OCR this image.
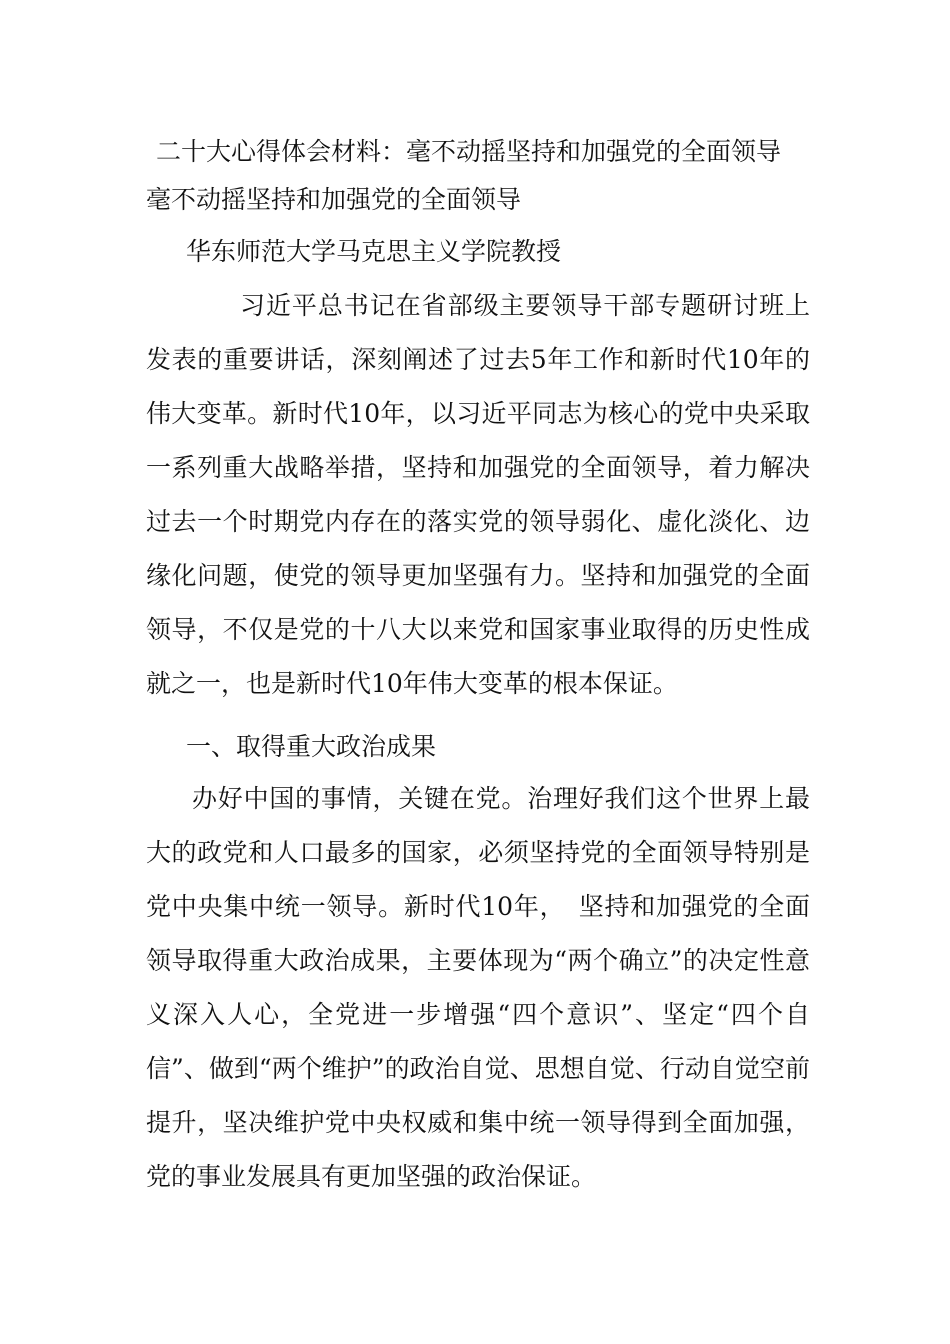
二十大心得体会材料：毫不动摇坚持和加强党的全面领导
毫不动摇坚持和加强党的全面领导
华东师范大学马克思主义学院教授

习近平总书记在省部级主要领导干部专题研讨班上发表的重要讲话，深刻阐述了过去5年工作和新时代10年的伟大变革。新时代10年，以习近平同志为核心的党中央采取一系列重大战略举措，坚持和加强党的全面领导，着力解决过去一个时期党内存在的落实党的领导弱化、虚化淡化、边缘化问题，使党的领导更加坚强有力。坚持和加强党的全面领导，不仅是党的十八大以来党和国家事业取得的历史性成就之一，也是新时代10年伟大变革的根本保证。

一、取得重大政治成果

办好中国的事情，关键在党。治理好我们这个世界上最大的政党和人口最多的国家，必须坚持党的全面领导特别是党中央集中统一领导。新时代10年，　坚持和加强党的全面领导取得重大政治成果，主要体现为“两个确立”的决定性意义深入人心，全党进一步增强“四个意识”、坚定“四个自信”、做到“两个维护”的政治自觉、思想自觉、行动自觉空前提升，坚决维护党中央权威和集中统一领导得到全面加强，党的事业发展具有更加坚强的政治保证。
